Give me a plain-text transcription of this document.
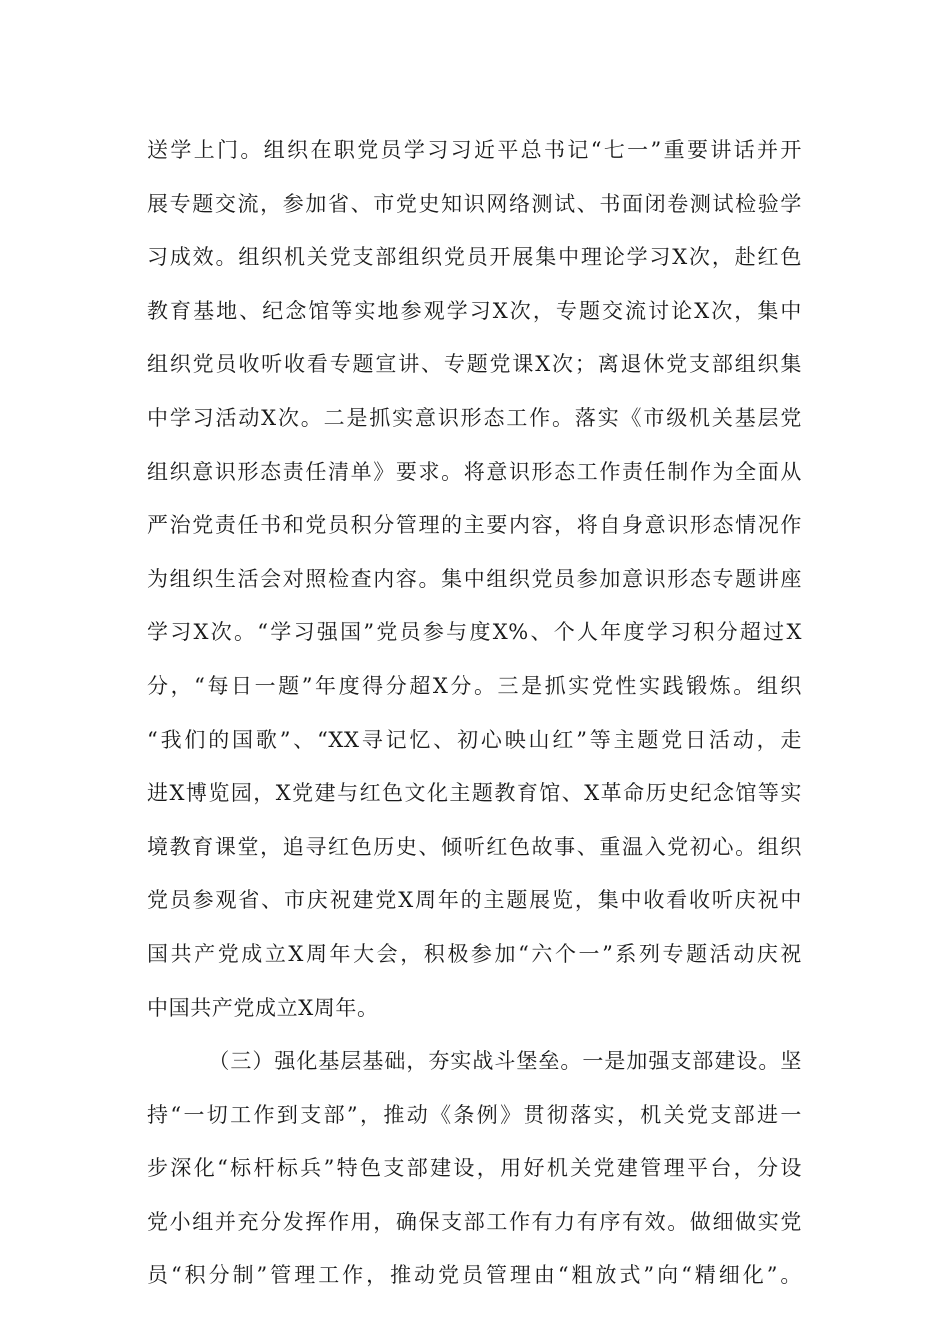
送学上门。组织在职党员学习习近平总书记“七一”重要讲话并开
展专题交流，参加省、市党史知识网络测试、书面闭卷测试检验学
习成效。组织机关党支部组织党员开展集中理论学习X次，赴红色
教育基地、纪念馆等实地参观学习X次，专题交流讨论X次，集中
组织党员收听收看专题宣讲、专题党课X次；离退休党支部组织集
中学习活动X次。二是抓实意识形态工作。落实《市级机关基层党
组织意识形态责任清单》要求。将意识形态工作责任制作为全面从
严治党责任书和党员积分管理的主要内容，将自身意识形态情况作
为组织生活会对照检查内容。集中组织党员参加意识形态专题讲座
学习X次。“学习强国”党员参与度X%、个人年度学习积分超过X
分，“每日一题”年度得分超X分。三是抓实党性实践锻炼。组织
“我们的国歌”、“XX寻记忆、初心映山红”等主题党日活动，走
进X博览园，X党建与红色文化主题教育馆、X革命历史纪念馆等实
境教育课堂，追寻红色历史、倾听红色故事、重温入党初心。组织
党员参观省、市庆祝建党X周年的主题展览，集中收看收听庆祝中
国共产党成立X周年大会，积极参加“六个一”系列专题活动庆祝
中国共产党成立X周年。
（三）强化基层基础，夯实战斗堡垒。一是加强支部建设。坚
持“一切工作到支部”，推动《条例》贯彻落实，机关党支部进一
步深化“标杆标兵”特色支部建设，用好机关党建管理平台，分设
党小组并充分发挥作用，确保支部工作有力有序有效。做细做实党
员“积分制”管理工作，推动党员管理由“粗放式”向“精细化”。
